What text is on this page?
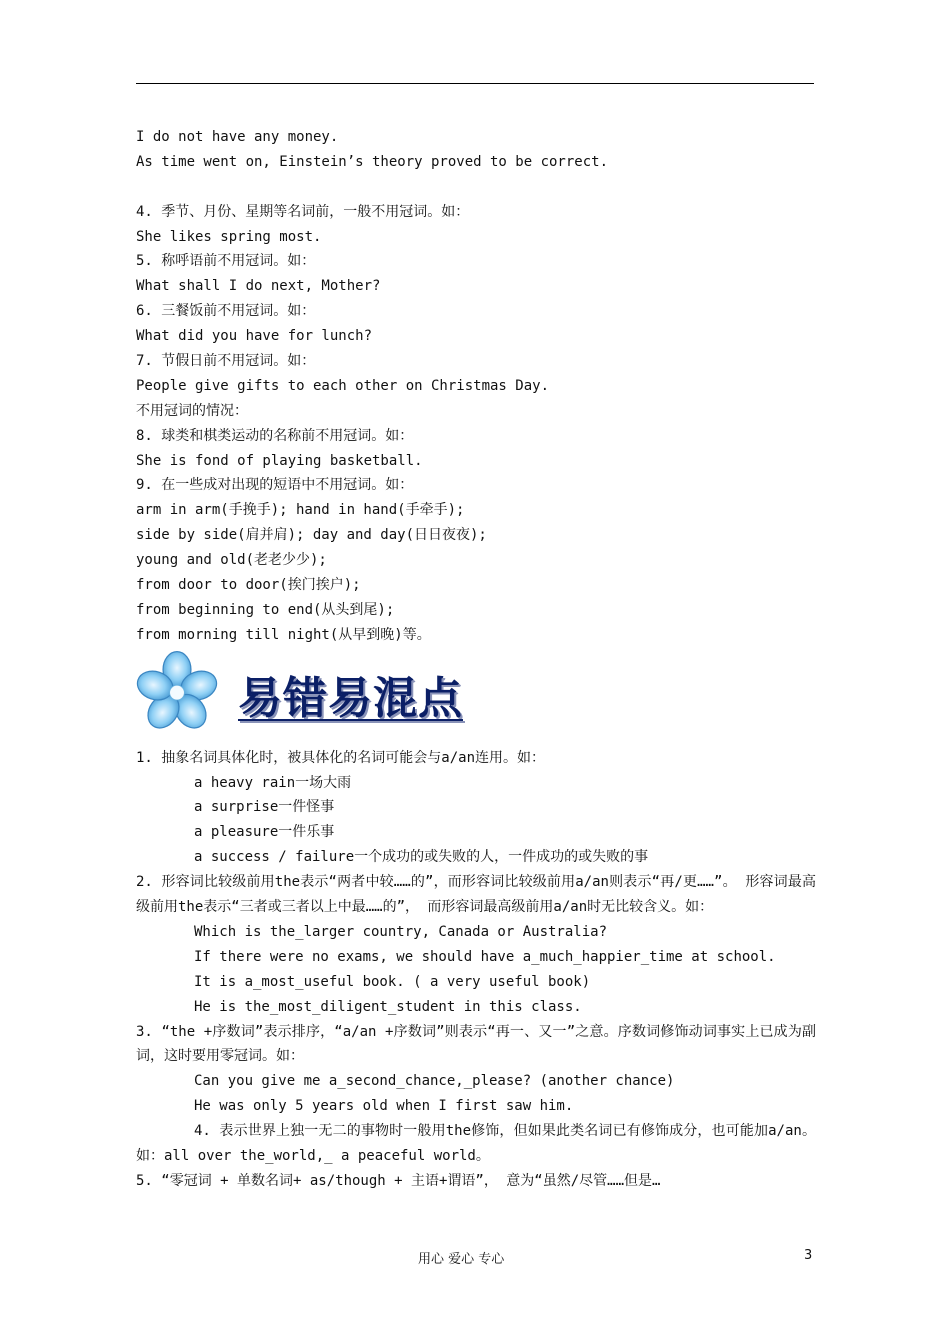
I do not have any money.
As time went on, Einstein’s theory proved to be correct.
4. 季节、月份、星期等名词前，一般不用冠词。如：
She likes spring most.
5. 称呼语前不用冠词。如：
What shall I do next, Mother?
6. 三餐饭前不用冠词。如：
What did you have for lunch?
7. 节假日前不用冠词。如：
People give gifts to each other on Christmas Day.
不用冠词的情况：
8. 球类和棋类运动的名称前不用冠词。如：
She is fond of playing basketball.
9. 在一些成对出现的短语中不用冠词。如：
arm in arm(手挽手); hand in hand(手牵手);
side by side(肩并肩); day and day(日日夜夜);
young and old(老老少少);
from door to door(挨门挨户);
from beginning to end(从头到尾);
from morning till night(从早到晚)等。
易错易混点
1. 抽象名词具体化时，被具体化的名词可能会与a/an连用。如：
a heavy rain一场大雨
a surprise一件怪事
a pleasure一件乐事
a success / failure一个成功的或失败的人，一件成功的或失败的事
2. 形容词比较级前用the表示“两者中较……的”，而形容词比较级前用a/an则表示“再/更……”。 形容词最高级前用the表示“三者或三者以上中最……的”， 而形容词最高级前用a/an时无比较含义。如：
Which is the_larger country, Canada or Australia?
If there were no exams, we should have a_much_happier_time at school.
It is a_most_useful book. ( a very useful book)
He is the_most_diligent_student in this class.
3. “the +序数词”表示排序，“a/an +序数词”则表示“再一、又一”之意。序数词修饰动词事实上已成为副词，这时要用零冠词。如：
Can you give me a_second_chance,_please? (another chance)
He was only 5 years old when I first saw him.
4. 表示世界上独一无二的事物时一般用the修饰，但如果此类名词已有修饰成分，也可能加a/an。如：all over the_world,_ a peaceful world。
5. “零冠词 + 单数名词+ as/though + 主语+谓语”， 意为“虽然/尽管……但是…
用心 爱心 专心	3
